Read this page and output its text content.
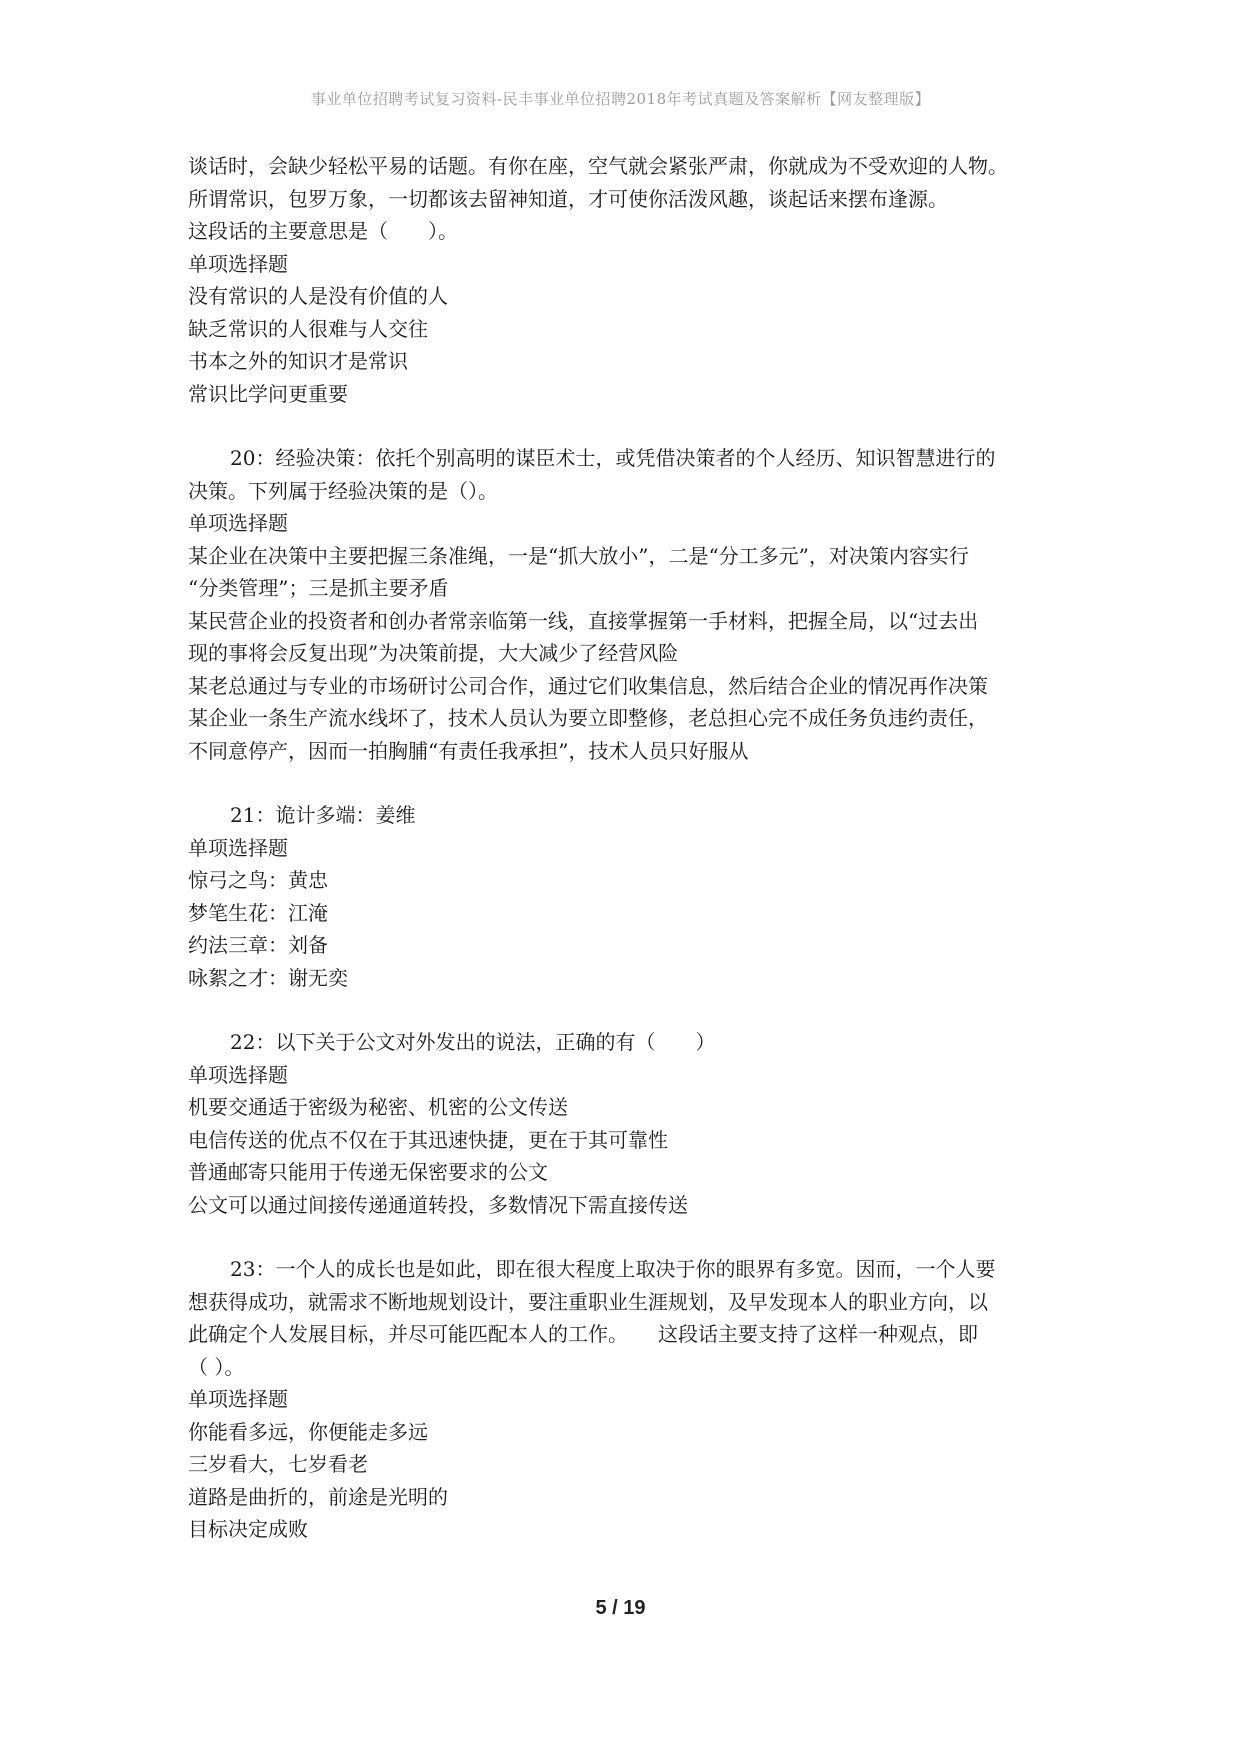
事业单位招聘考试复习资料-民丰事业单位招聘2018年考试真题及答案解析【网友整理版】
谈话时，会缺少轻松平易的话题。有你在座，空气就会紧张严肃，你就成为不受欢迎的人物。
所谓常识，包罗万象，一切都该去留神知道，才可使你活泼风趣，谈起话来摆布逢源。
这段话的主要意思是（　　）。
单项选择题
没有常识的人是没有价值的人
缺乏常识的人很难与人交往
书本之外的知识才是常识
常识比学问更重要
20：经验决策：依托个别高明的谋臣术士，或凭借决策者的个人经历、知识智慧进行的
决策。下列属于经验决策的是（）。
单项选择题
某企业在决策中主要把握三条准绳，一是“抓大放小”，二是“分工多元”，对决策内容实行
“分类管理”；三是抓主要矛盾
某民营企业的投资者和创办者常亲临第一线，直接掌握第一手材料，把握全局，以“过去出
现的事将会反复出现”为决策前提，大大减少了经营风险
某老总通过与专业的市场研讨公司合作，通过它们收集信息，然后结合企业的情况再作决策
某企业一条生产流水线坏了，技术人员认为要立即整修，老总担心完不成任务负违约责任，
不同意停产，因而一拍胸脯“有责任我承担”，技术人员只好服从
21：诡计多端：姜维
单项选择题
惊弓之鸟：黄忠
梦笔生花：江淹
约法三章：刘备
咏絮之才：谢无奕
22：以下关于公文对外发出的说法，正确的有（　　）
单项选择题
机要交通适于密级为秘密、机密的公文传送
电信传送的优点不仅在于其迅速快捷，更在于其可靠性
普通邮寄只能用于传递无保密要求的公文
公文可以通过间接传递通道转投，多数情况下需直接传送
23：一个人的成长也是如此，即在很大程度上取决于你的眼界有多宽。因而，一个人要
想获得成功，就需求不断地规划设计，要注重职业生涯规划，及早发现本人的职业方向，以
此确定个人发展目标，并尽可能匹配本人的工作。　　这段话主要支持了这样一种观点，即
（ ）。
单项选择题
你能看多远，你便能走多远
三岁看大，七岁看老
道路是曲折的，前途是光明的
目标决定成败
5 / 19
